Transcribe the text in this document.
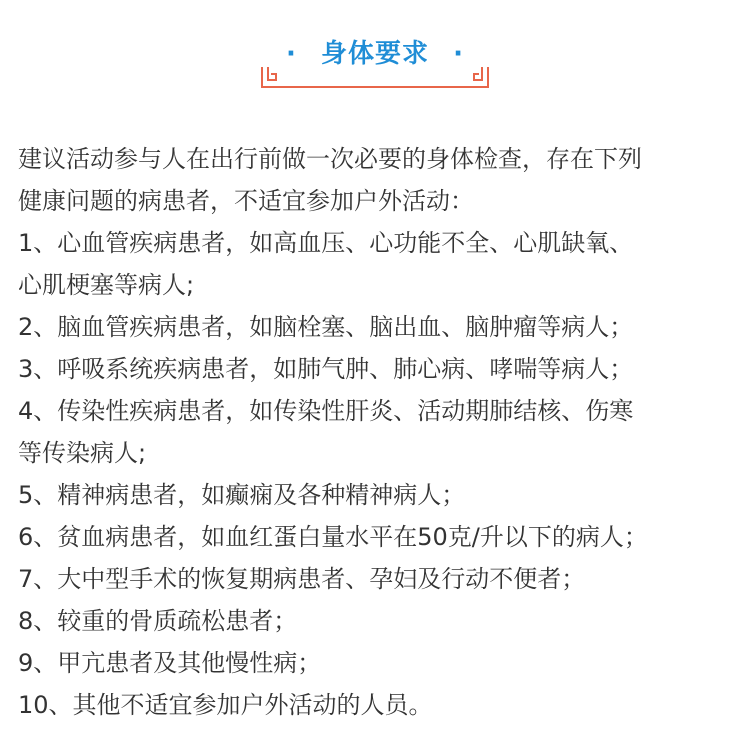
· 身体要求 ·
建议活动参与人在出行前做一次必要的身体检查，存在下列
健康问题的病患者，不适宜参加户外活动：
1、心血管疾病患者，如高血压、心功能不全、心肌缺氧、
心肌梗塞等病人;
2、脑血管疾病患者，如脑栓塞、脑出血、脑肿瘤等病人；
3、呼吸系统疾病患者，如肺气肿、肺心病、哮喘等病人；
4、传染性疾病患者，如传染性肝炎、活动期肺结核、伤寒
等传染病人;
5、精神病患者，如癫痫及各种精神病人；
6、贫血病患者，如血红蛋白量水平在50克/升以下的病人；
7、大中型手术的恢复期病患者、孕妇及行动不便者；
8、较重的骨质疏松患者；
9、甲亢患者及其他慢性病；
10、其他不适宜参加户外活动的人员。
